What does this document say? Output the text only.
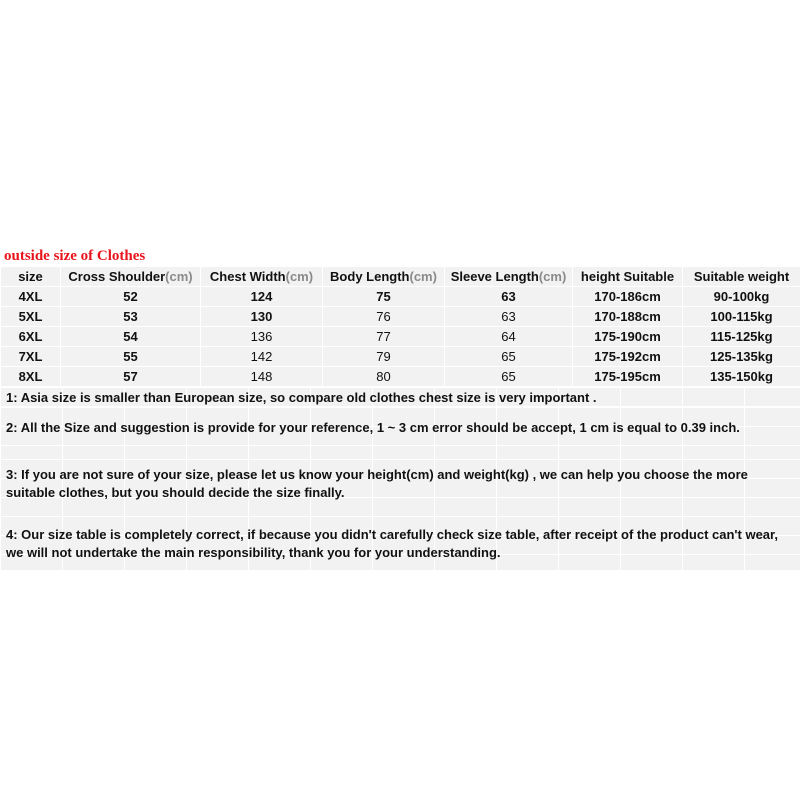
outside size of Clothes
size	Cross Shoulder(cm)	Chest Width(cm)	Body Length(cm)	Sleeve Length(cm)	height Suitable	Suitable weight
4XL	52	124	75	63	170-186cm	90-100kg
5XL	53	130	76	63	170-188cm	100-115kg
6XL	54	136	77	64	175-190cm	115-125kg
7XL	55	142	79	65	175-192cm	125-135kg
8XL	57	148	80	65	175-195cm	135-150kg
1: Asia size is smaller than European size, so compare old clothes chest size is very important .
2: All the Size and suggestion is provide for your reference, 1 ~ 3 cm error should be accept, 1 cm is equal to 0.39 inch.
3: If you are not sure of your size, please let us know your height(cm) and weight(kg) , we can help you choose the more suitable clothes, but you should decide the size finally.
4: Our size table is completely correct, if because you didn't carefully check size table, after receipt of the product can't wear, we will not undertake the main responsibility, thank you for your understanding.
